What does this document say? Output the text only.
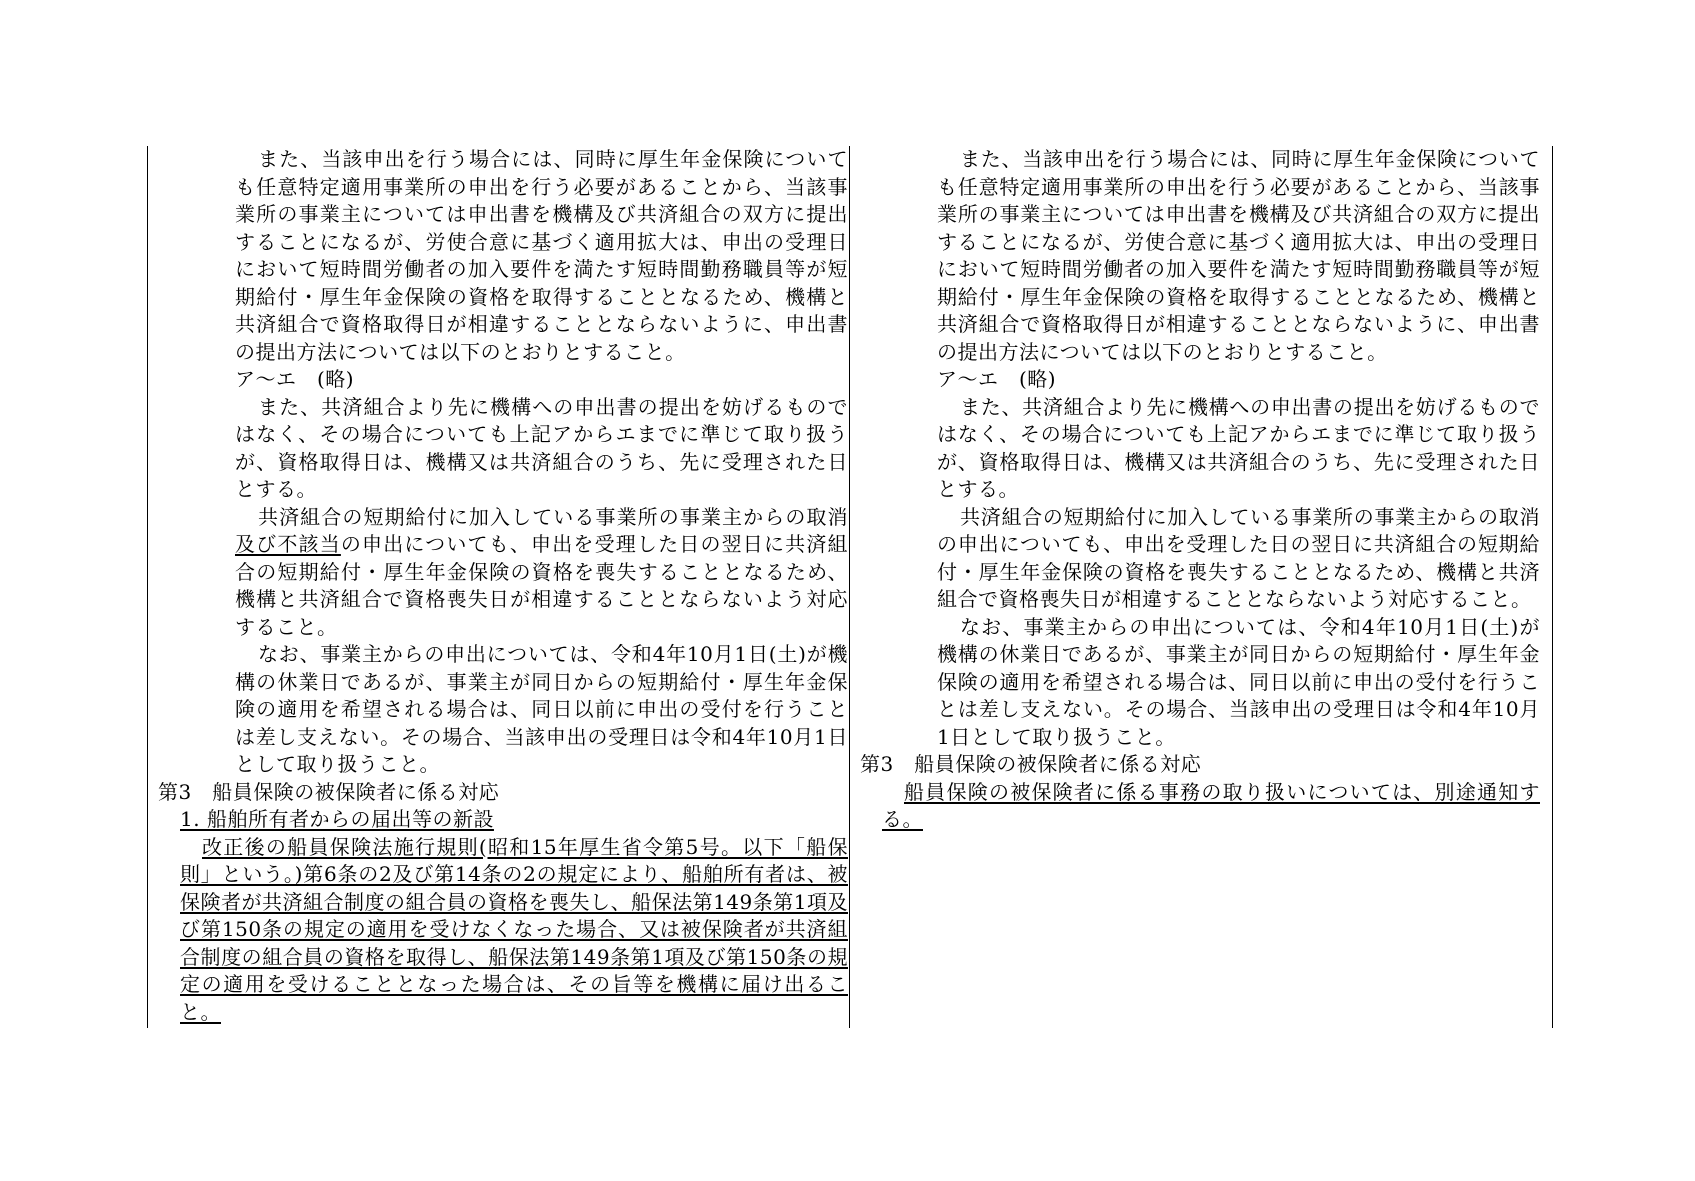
また、当該申出を行う場合には、同時に厚生年金保険についても任意特定適用事業所の申出を行う必要があることから、当該事業所の事業主については申出書を機構及び共済組合の双方に提出することになるが、労使合意に基づく適用拡大は、申出の受理日において短時間労働者の加入要件を満たす短時間勤務職員等が短期給付・厚生年金保険の資格を取得することとなるため、機構と共済組合で資格取得日が相違することとならないように、申出書の提出方法については以下のとおりとすること。

ア～エ　(略)

また、共済組合より先に機構への申出書の提出を妨げるものではなく、その場合についても上記アからエまでに準じて取り扱うが、資格取得日は、機構又は共済組合のうち、先に受理された日とする。

共済組合の短期給付に加入している事業所の事業主からの取消及び不該当の申出についても、申出を受理した日の翌日に共済組合の短期給付・厚生年金保険の資格を喪失することとなるため、機構と共済組合で資格喪失日が相違することとならないよう対応すること。

なお、事業主からの申出については、令和4年10月1日(土)が機構の休業日であるが、事業主が同日からの短期給付・厚生年金保険の適用を希望される場合は、同日以前に申出の受付を行うことは差し支えない。その場合、当該申出の受理日は令和4年10月1日として取り扱うこと。

第3　船員保険の被保険者に係る対応

1. 船舶所有者からの届出等の新設

改正後の船員保険法施行規則(昭和15年厚生省令第5号。以下「船保則」という。)第6条の2及び第14条の2の規定により、船舶所有者は、被保険者が共済組合制度の組合員の資格を喪失し、船保法第149条第1項及び第150条の規定の適用を受けなくなった場合、又は被保険者が共済組合制度の組合員の資格を取得し、船保法第149条第1項及び第150条の規定の適用を受けることとなった場合は、その旨等を機構に届け出ること。

また、当該申出を行う場合には、同時に厚生年金保険についても任意特定適用事業所の申出を行う必要があることから、当該事業所の事業主については申出書を機構及び共済組合の双方に提出することになるが、労使合意に基づく適用拡大は、申出の受理日において短時間労働者の加入要件を満たす短時間勤務職員等が短期給付・厚生年金保険の資格を取得することとなるため、機構と共済組合で資格取得日が相違することとならないように、申出書の提出方法については以下のとおりとすること。

ア～エ　(略)

また、共済組合より先に機構への申出書の提出を妨げるものではなく、その場合についても上記アからエまでに準じて取り扱うが、資格取得日は、機構又は共済組合のうち、先に受理された日とする。

共済組合の短期給付に加入している事業所の事業主からの取消の申出についても、申出を受理した日の翌日に共済組合の短期給付・厚生年金保険の資格を喪失することとなるため、機構と共済組合で資格喪失日が相違することとならないよう対応すること。

なお、事業主からの申出については、令和4年10月1日(土)が機構の休業日であるが、事業主が同日からの短期給付・厚生年金保険の適用を希望される場合は、同日以前に申出の受付を行うことは差し支えない。その場合、当該申出の受理日は令和4年10月1日として取り扱うこと。

第3　船員保険の被保険者に係る対応

船員保険の被保険者に係る事務の取り扱いについては、別途通知する。
